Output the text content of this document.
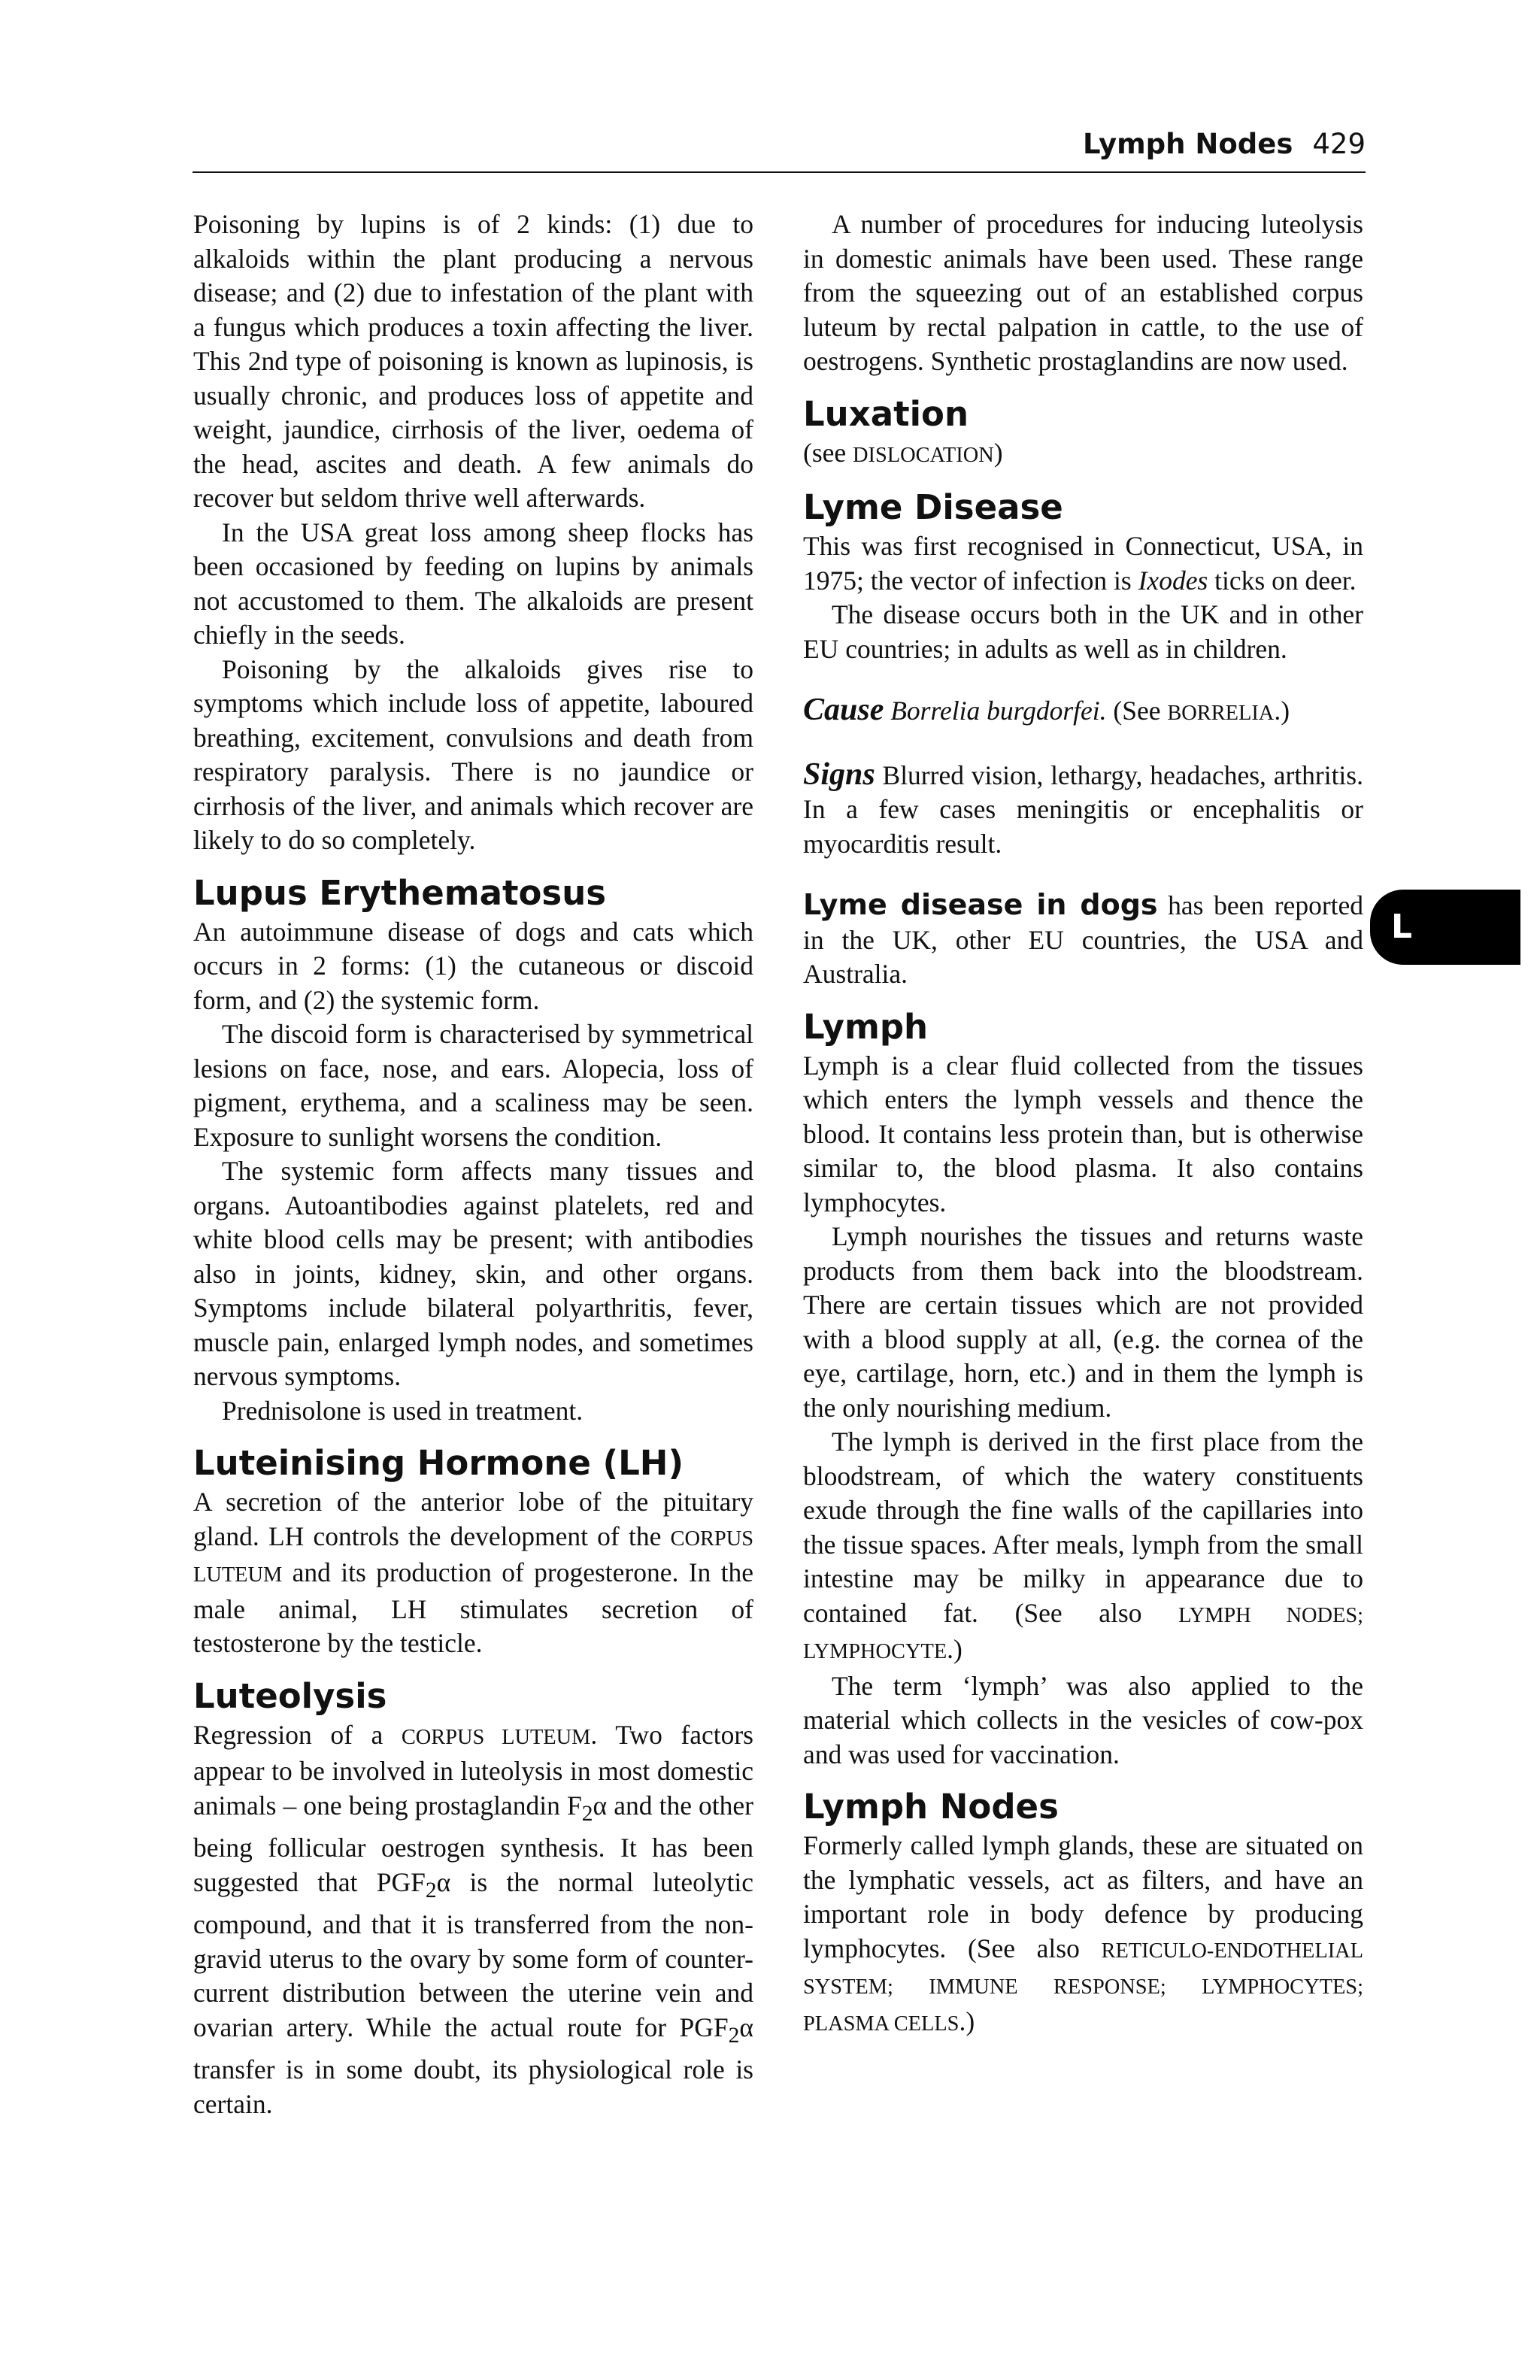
Lymph Nodes 429

Poisoning by lupins is of 2 kinds: (1) due to alkaloids within the plant producing a nervous disease; and (2) due to infestation of the plant with a fungus which produces a toxin affecting the liver. This 2nd type of poisoning is known as lupinosis, is usually chronic, and produces loss of appetite and weight, jaundice, cirrhosis of the liver, oedema of the head, ascites and death. A few animals do recover but seldom thrive well afterwards.

In the USA great loss among sheep flocks has been occasioned by feeding on lupins by animals not accustomed to them. The alkaloids are present chiefly in the seeds.

Poisoning by the alkaloids gives rise to symptoms which include loss of appetite, laboured breathing, excitement, convulsions and death from respiratory paralysis. There is no jaundice or cirrhosis of the liver, and animals which recover are likely to do so completely.

Lupus Erythematosus

An autoimmune disease of dogs and cats which occurs in 2 forms: (1) the cutaneous or discoid form, and (2) the systemic form.

The discoid form is characterised by symmetrical lesions on face, nose, and ears. Alopecia, loss of pigment, erythema, and a scaliness may be seen. Exposure to sunlight worsens the condition.

The systemic form affects many tissues and organs. Autoantibodies against platelets, red and white blood cells may be present; with antibodies also in joints, kidney, skin, and other organs. Symptoms include bilateral polyarthritis, fever, muscle pain, enlarged lymph nodes, and sometimes nervous symptoms.

Prednisolone is used in treatment.

Luteinising Hormone (LH)

A secretion of the anterior lobe of the pituitary gland. LH controls the development of the CORPUS LUTEUM and its production of progesterone. In the male animal, LH stimulates secretion of testosterone by the testicle.

Luteolysis

Regression of a CORPUS LUTEUM. Two factors appear to be involved in luteolysis in most domestic animals – one being prostaglandin $F_2\alpha$ and the other being follicular oestrogen synthesis. It has been suggested that $PGF_2\alpha$ is the normal luteolytic compound, and that it is transferred from the non-gravid uterus to the ovary by some form of counter-current distribution between the uterine vein and ovarian artery. While the actual route for $PGF_2\alpha$ transfer is in some doubt, its physiological role is certain.

A number of procedures for inducing luteolysis in domestic animals have been used. These range from the squeezing out of an established corpus luteum by rectal palpation in cattle, to the use of oestrogens. Synthetic prostaglandins are now used.

Luxation

(see DISLOCATION)

Lyme Disease

This was first recognised in Connecticut, USA, in 1975; the vector of infection is Ixodes ticks on deer.

The disease occurs both in the UK and in other EU countries; in adults as well as in children.

Cause Borrelia burgdorfei. (See BORRELIA.)

Signs Blurred vision, lethargy, headaches, arthritis. In a few cases meningitis or encephalitis or myocarditis result.

Lyme disease in dogs has been reported in the UK, other EU countries, the USA and Australia.

Lymph

Lymph is a clear fluid collected from the tissues which enters the lymph vessels and thence the blood. It contains less protein than, but is otherwise similar to, the blood plasma. It also contains lymphocytes.

Lymph nourishes the tissues and returns waste products from them back into the bloodstream. There are certain tissues which are not provided with a blood supply at all, (e.g. the cornea of the eye, cartilage, horn, etc.) and in them the lymph is the only nourishing medium.

The lymph is derived in the first place from the bloodstream, of which the watery constituents exude through the fine walls of the capillaries into the tissue spaces. After meals, lymph from the small intestine may be milky in appearance due to contained fat. (See also LYMPH NODES; LYMPHOCYTE.)

The term ‘lymph’ was also applied to the material which collects in the vesicles of cow-pox and was used for vaccination.

Lymph Nodes

Formerly called lymph glands, these are situated on the lymphatic vessels, act as filters, and have an important role in body defence by producing lymphocytes. (See also RETICULO-ENDOTHELIAL SYSTEM; IMMUNE RESPONSE; LYMPHOCYTES; PLASMA CELLS.)

L
